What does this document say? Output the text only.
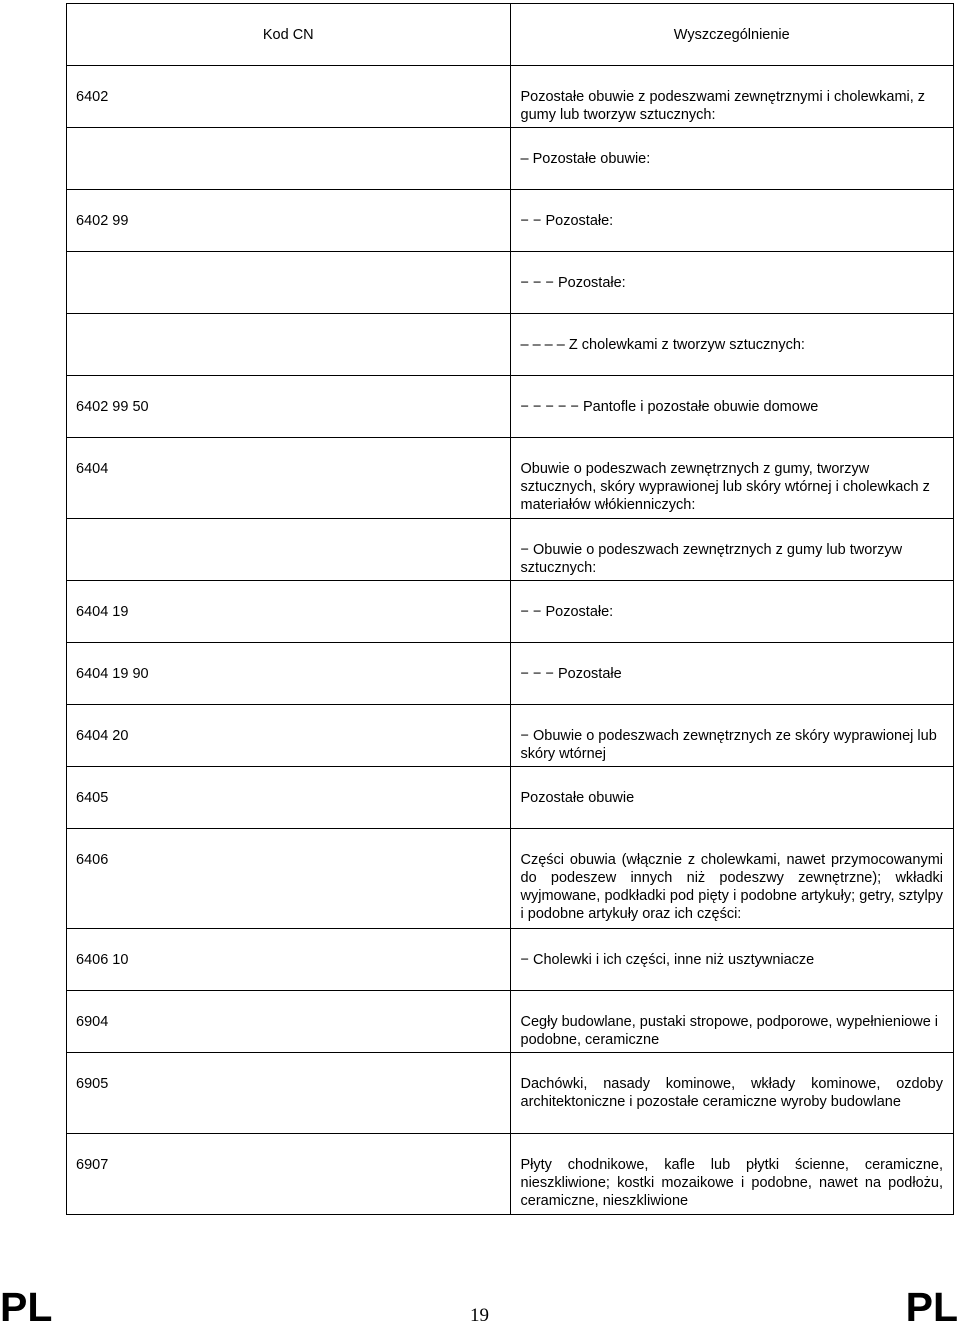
Kod CN	Wyszczególnienie

6402	Pozostałe obuwie z podeszwami zewnętrznymi i cholewkami, z gumy lub tworzyw sztucznych:

	– Pozostałe obuwie:

6402 99	− − Pozostałe:

	− − − Pozostałe:

	– – – – Z cholewkami z tworzyw sztucznych:

6402 99 50	− − − − − Pantofle i pozostałe obuwie domowe

6404	Obuwie o podeszwach zewnętrznych z gumy, tworzyw sztucznych, skóry wyprawionej lub skóry wtórnej i cholewkach z materiałów włókienniczych:

	− Obuwie o podeszwach zewnętrznych z gumy lub tworzyw sztucznych:

6404 19	− − Pozostałe:

6404 19 90	− − − Pozostałe

6404 20	− Obuwie o podeszwach zewnętrznych ze skóry wyprawionej lub skóry wtórnej

6405	Pozostałe obuwie

6406	Części obuwia (włącznie z cholewkami, nawet przymocowanymi do podeszew innych niż podeszwy zewnętrzne); wkładki wyjmowane, podkładki pod pięty i podobne artykuły; getry, sztylpy i podobne artykuły oraz ich części:

6406 10	− Cholewki i ich części, inne niż usztywniacze

6904	Cegły budowlane, pustaki stropowe, podporowe, wypełnieniowe i podobne, ceramiczne

6905	Dachówki, nasady kominowe, wkłady kominowe, ozdoby architektoniczne i pozostałe ceramiczne wyroby budowlane

6907	Płyty chodnikowe, kafle lub płytki ścienne, ceramiczne, nieszkliwione; kostki mozaikowe i podobne, nawet na podłożu, ceramiczne, nieszkliwione
PL	19	PL
